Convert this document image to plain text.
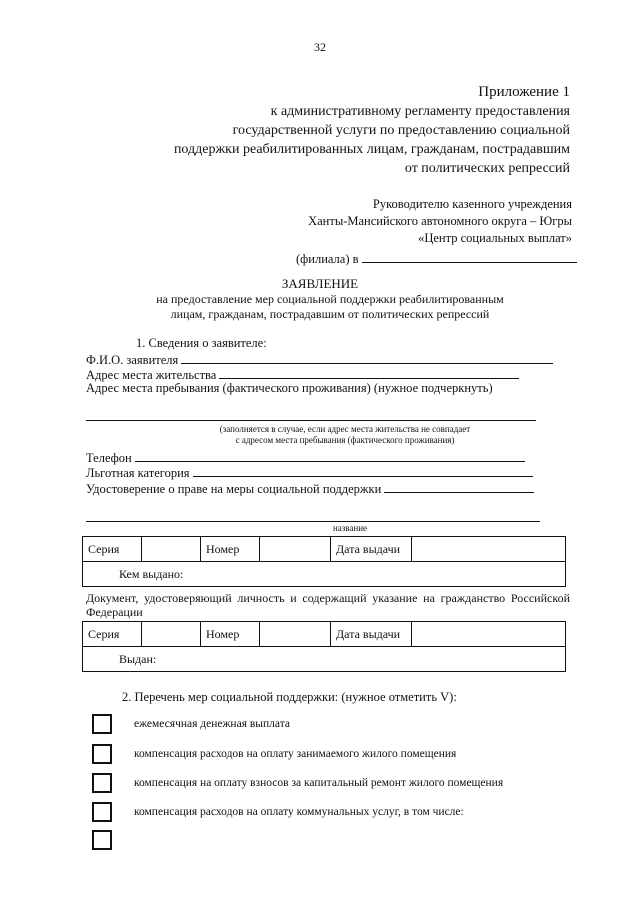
32
Приложение 1
к административному регламенту предоставления
государственной услуги по предоставлению социальной
поддержки реабилитированных лицам, гражданам, пострадавшим
от политических репрессий
Руководителю казенного учреждения
Ханты-Мансийского автономного округа – Югры
«Центр социальных выплат»
(филиала) в
ЗАЯВЛЕНИЕ
на предоставление мер социальной поддержки реабилитированным
лицам, гражданам, пострадавшим от политических репрессий
1. Сведения о заявителе:
Ф.И.О. заявителя
Адрес места жительства
Адрес места пребывания (фактического проживания) (нужное подчеркнуть)
(заполняется в случае, если адрес места жительства не совпадает
с адресом места пребывания (фактического проживания)
Телефон
Льготная категория
Удостоверение о праве на меры социальной поддержки
название
Серия		Номер		Дата выдачи	
Кем выдано:
Документ, удостоверяющий личность и содержащий указание на гражданство Российской Федерации
Серия		Номер		Дата выдачи	
Выдан:
2. Перечень мер социальной поддержки: (нужное отметить V):
ежемесячная денежная выплата
компенсация расходов на оплату занимаемого жилого помещения
компенсация на оплату взносов за капитальный ремонт жилого помещения
компенсация расходов на оплату коммунальных услуг, в том числе:
